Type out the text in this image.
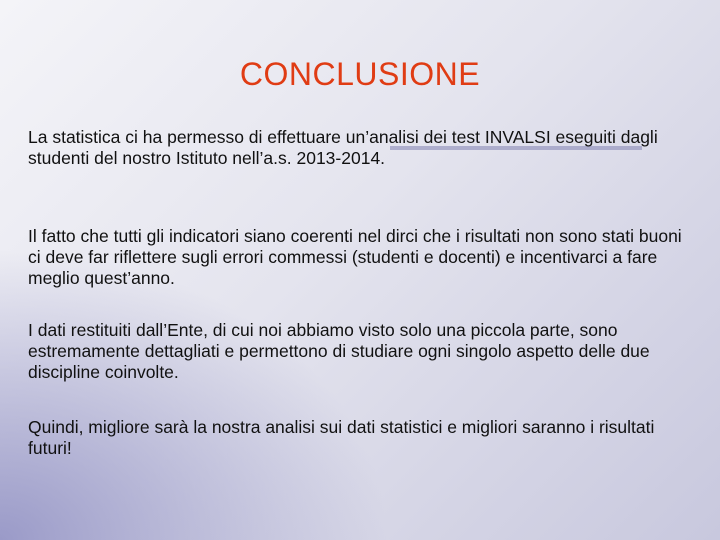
CONCLUSIONE

La statistica ci ha permesso di effettuare un’analisi dei test INVALSI eseguiti dagli studenti del nostro Istituto nell’a.s. 2013-2014.

Il fatto che tutti gli indicatori siano coerenti nel dirci che i risultati non sono stati buoni ci deve far riflettere sugli errori commessi (studenti e docenti) e incentivarci a fare meglio quest’anno.

I dati restituiti dall’Ente, di cui noi abbiamo visto solo una piccola parte, sono estremamente dettagliati e permettono di studiare ogni singolo aspetto delle due discipline coinvolte.

Quindi, migliore sarà la nostra analisi sui dati statistici e migliori saranno i risultati futuri!
